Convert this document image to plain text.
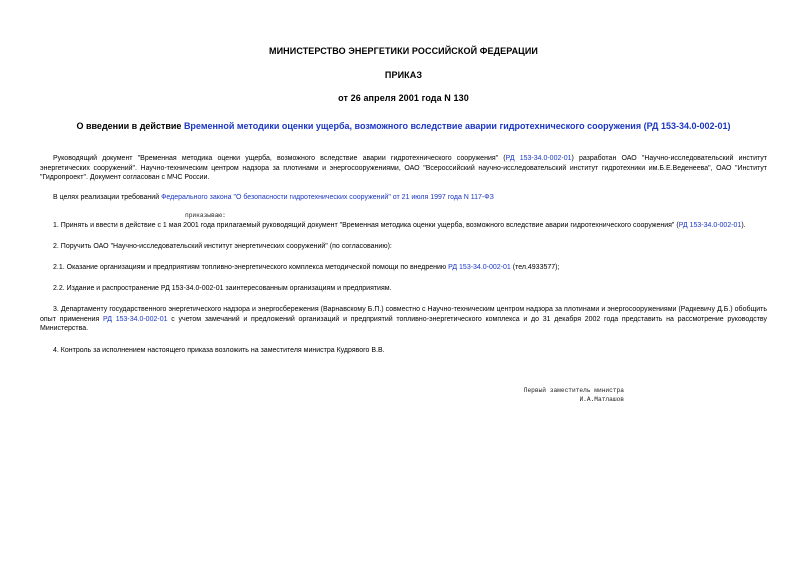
МИНИСТЕРСТВО ЭНЕРГЕТИКИ РОССИЙСКОЙ ФЕДЕРАЦИИ
ПРИКАЗ
от 26 апреля 2001 года N 130
О введении в действие Временной методики оценки ущерба, возможного вследствие аварии гидротехнического сооружения (РД 153-34.0-002-01)
Руководящий документ "Временная методика оценки ущерба, возможного вследствие аварии гидротехнического сооружения" (РД 153-34.0-002-01) разработан ОАО "Научно-исследовательский институт энергетических сооружений". Научно-техническим центром надзора за плотинами и энергосооружениями, ОАО "Всероссийский научно-исследовательский институт гидротехники им.Б.Е.Веденеева", ОАО "Институт "Гидропроект". Документ согласован с МЧС России.
В целях реализации требований Федерального закона "О безопасности гидротехнических сооружений" от 21 июля 1997 года N 117-ФЗ
приказываю:
1. Принять и ввести в действие с 1 мая 2001 года прилагаемый руководящий документ "Временная методика оценки ущерба, возможного вследствие аварии гидротехнического сооружения" (РД 153-34.0-002-01).
2. Поручить ОАО "Научно-исследовательский институт энергетических сооружений" (по согласованию):
2.1. Оказание организациям и предприятиям топливно-энергетического комплекса методической помощи по внедрению РД 153-34.0-002-01 (тел.4933577);
2.2. Издание и распространение РД 153-34.0-002-01 заинтересованным организациям и предприятиям.
3. Департаменту государственного энергетического надзора и энергосбережения (Варнавскому Б.П.) совместно с Научно-техническим центром надзора за плотинами и энергосооружениями (Радкевичу Д.Б.) обобщить опыт применения РД 153-34.0-002-01 с учетом замечаний и предложений организаций и предприятий топливно-энергетического комплекса и до 31 декабря 2002 года представить на рассмотрение руководству Министерства.
4. Контроль за исполнением настоящего приказа возложить на заместителя министра Кудрявого В.В.
Первый заместитель министра
И.А.Матлашов
